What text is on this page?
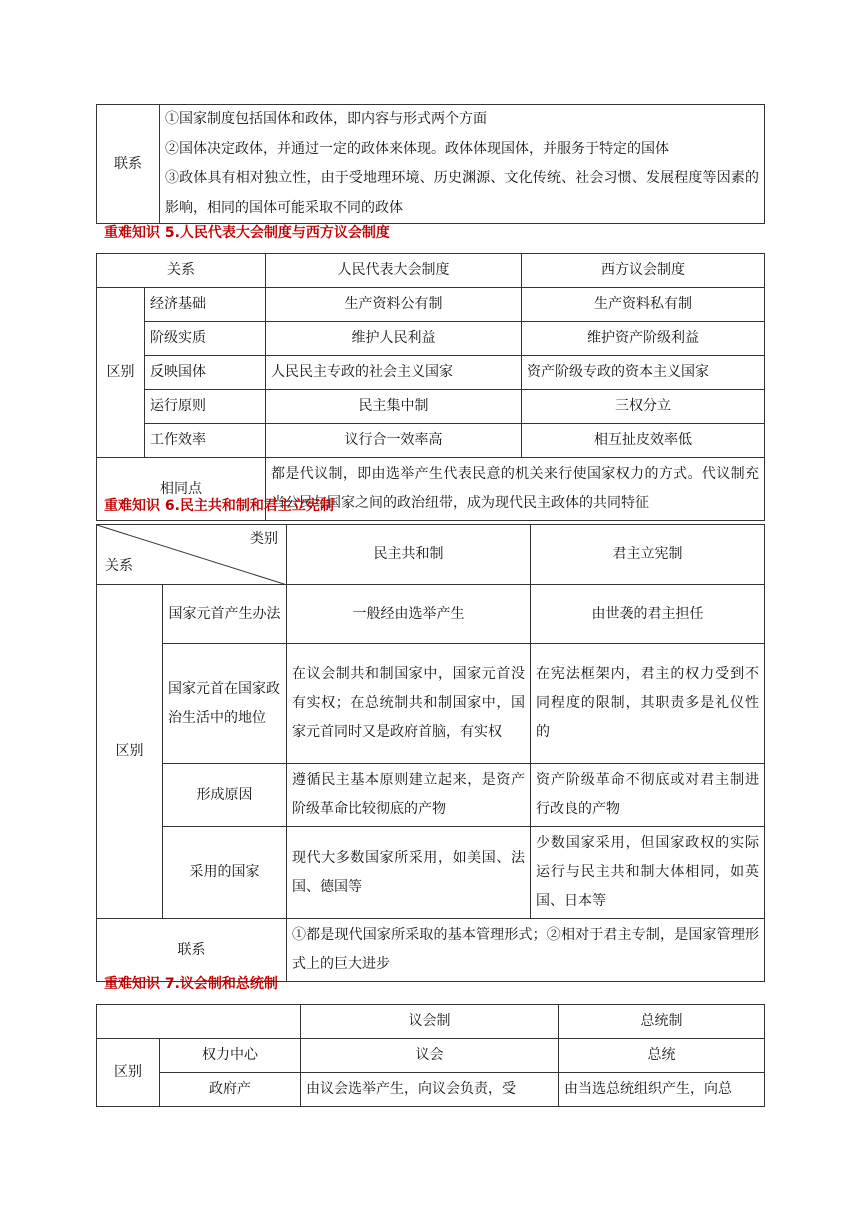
联系	
①国家制度包括国体和政体，即内容与形式两个方面
②国体决定政体，并通过一定的政体来体现。政体体现国体，并服务于特定的国体
③政体具有相对独立性，由于受地理环境、历史渊源、文化传统、社会习惯、发展程度等因素的影响，相同的国体可能采取不同的政体
重难知识 5.人民代表大会制度与西方议会制度
关系		人民代表大会制度	西方议会制度
区别	经济基础	生产资料公有制	生产资料私有制
	阶级实质	维护人民利益	维护资产阶级利益
	反映国体	人民民主专政的社会主义国家	资产阶级专政的资本主义国家
	运行原则	民主集中制	三权分立
	工作效率	议行合一效率高	相互扯皮效率低
相同点		都是代议制，即由选举产生代表民意的机关来行使国家权力的方式。代议制充当公民与国家之间的政治纽带，成为现代民主政体的共同特征	
重难知识 6.民主共和制和君主立宪制
类别
关系		民主共和制	君主立宪制
区别	国家元首产生办法	一般经由选举产生	由世袭的君主担任
	国家元首在国家政治生活中的地位	在议会制共和制国家中，国家元首没有实权；在总统制共和制国家中，国家元首同时又是政府首脑，有实权	在宪法框架内，君主的权力受到不同程度的限制，其职责多是礼仪性的
	形成原因	遵循民主基本原则建立起来，是资产阶级革命比较彻底的产物	资产阶级革命不彻底或对君主制进行改良的产物
	采用的国家	现代大多数国家所采用，如美国、法国、德国等	少数国家采用，但国家政权的实际运行与民主共和制大体相同，如英国、日本等
联系		①都是现代国家所采取的基本管理形式；②相对于君主专制，是国家管理形式上的巨大进步	
重难知识 7.议会制和总统制
		议会制	总统制
区别	权力中心	议会	总统
	政府产	由议会选举产生，向议会负责，受	由当选总统组织产生，向总
